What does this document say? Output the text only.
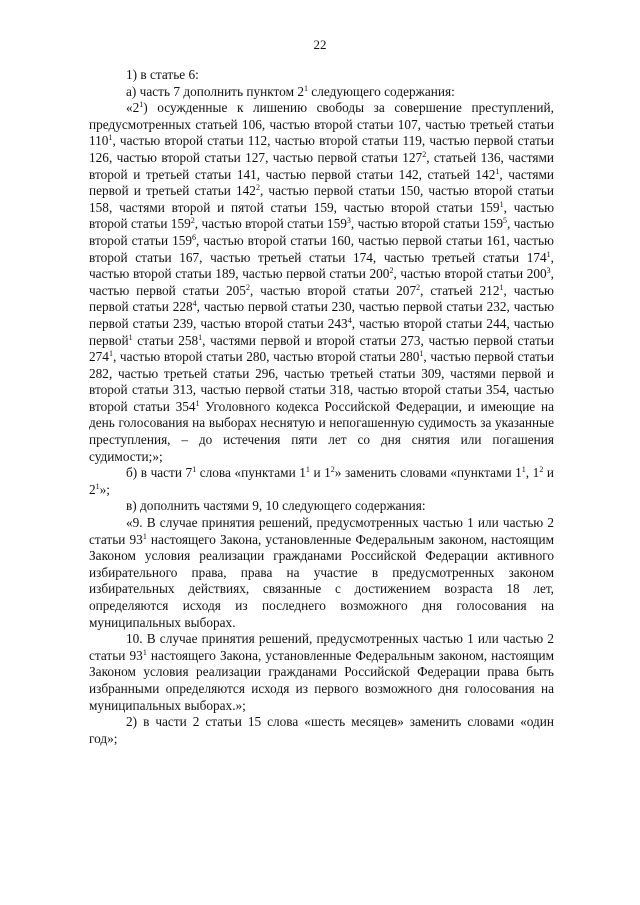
22

1) в статье 6:

а) часть 7 дополнить пунктом $2^1$ следующего содержания:

«$2^1$) осужденные к лишению свободы за совершение преступлений, предусмотренных статьей 106, частью второй статьи 107, частью третьей статьи $110^1$, частью второй статьи 112, частью второй статьи 119, частью первой статьи 126, частью второй статьи 127, частью первой статьи $127^2$, статьей 136, частями второй и третьей статьи 141, частью первой статьи 142, статьей $142^1$, частями первой и третьей статьи $142^2$, частью первой статьи 150, частью второй статьи 158, частями второй и пятой статьи 159, частью второй статьи $159^1$, частью второй статьи $159^2$, частью второй статьи $159^3$, частью второй статьи $159^5$, частью второй статьи $159^6$, частью второй статьи 160, частью первой статьи 161, частью второй статьи 167, частью третьей статьи 174, частью третьей статьи $174^1$, частью второй статьи 189, частью первой статьи $200^2$, частью второй статьи $200^3$, частью первой статьи $205^2$, частью второй статьи $207^2$, статьей $212^1$, частью первой статьи $228^4$, частью первой статьи 230, частью первой статьи 232, частью первой статьи 239, частью второй статьи $243^4$, частью второй статьи 244, частью первой$^1$ статьи $258^1$, частями первой и второй статьи 273, частью первой статьи $274^1$, частью второй статьи 280, частью второй статьи $280^1$, частью первой статьи 282, частью третьей статьи 296, частью третьей статьи 309, частями первой и второй статьи 313, частью первой статьи 318, частью второй статьи 354, частью второй статьи $354^1$ Уголовного кодекса Российской Федерации, и имеющие на день голосования на выборах неснятую и непогашенную судимость за указанные преступления, – до истечения пяти лет со дня снятия или погашения судимости;»;

б) в части $7^1$ слова «пунктами $1^1$ и $1^2$» заменить словами «пунктами $1^1$, $1^2$ и $2^1$»;

в) дополнить частями 9, 10 следующего содержания:

«9. В случае принятия решений, предусмотренных частью 1 или частью 2 статьи $93^1$ настоящего Закона, установленные Федеральным законом, настоящим Законом условия реализации гражданами Российской Федерации активного избирательного права, права на участие в предусмотренных законом избирательных действиях, связанные с достижением возраста 18 лет, определяются исходя из последнего возможного дня голосования на муниципальных выборах.

10. В случае принятия решений, предусмотренных частью 1 или частью 2 статьи $93^1$ настоящего Закона, установленные Федеральным законом, настоящим Законом условия реализации гражданами Российской Федерации права быть избранными определяются исходя из первого возможного дня голосования на муниципальных выборах.»;

2) в части 2 статьи 15 слова «шесть месяцев» заменить словами «один год»;
